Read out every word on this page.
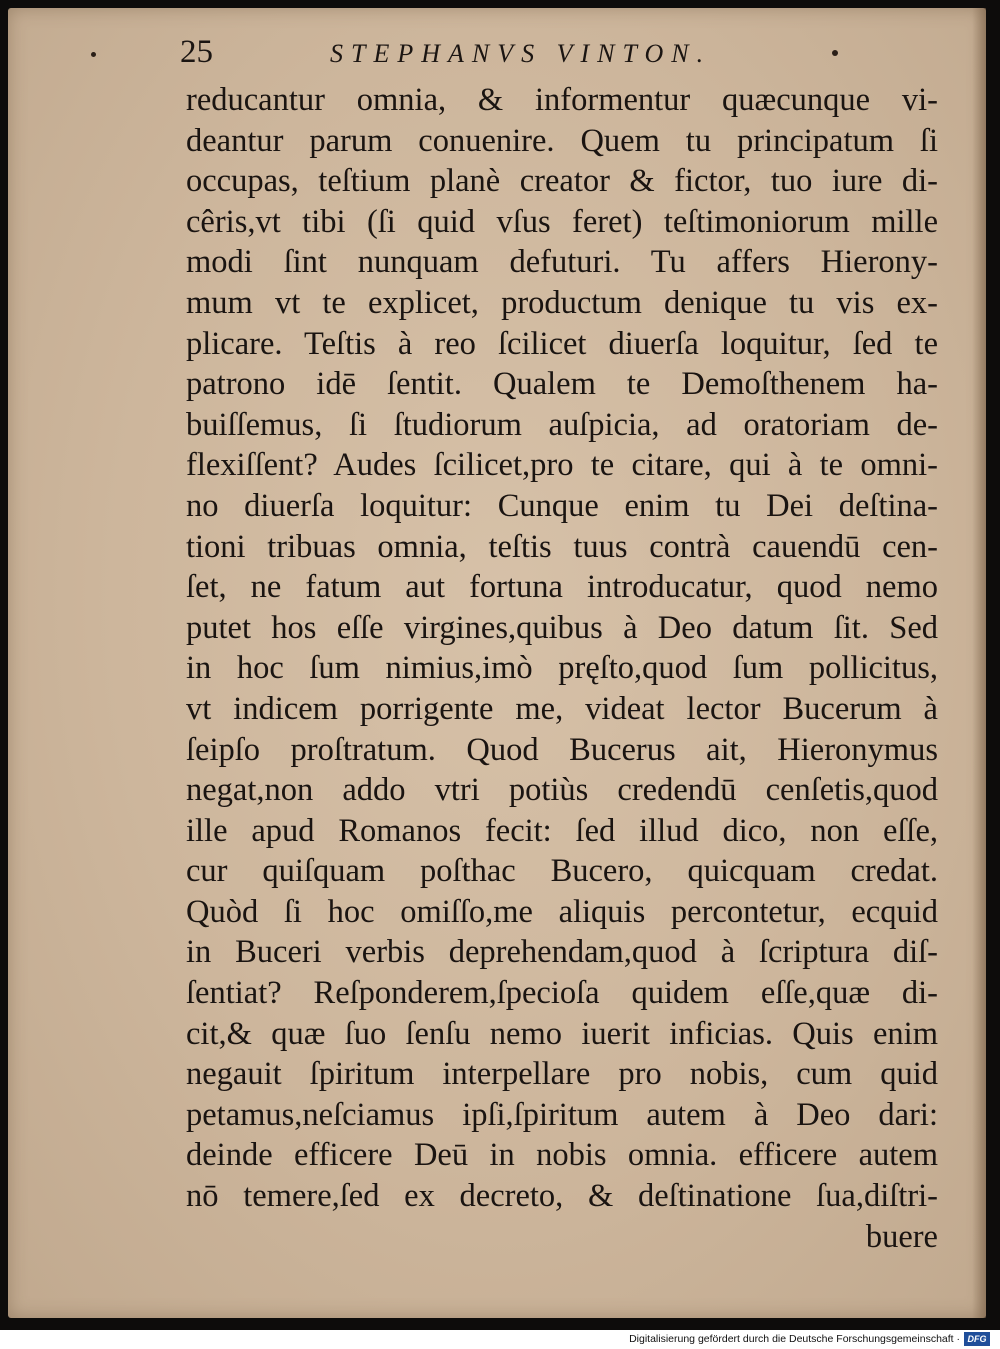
25	STEPHANVS VINTON.
reducantur omnia, & informentur quæcunque vi-
deantur parum conuenire. Quem tu principatum ſi
occupas, teſtium planè creator & fictor, tuo iure di-
cêris,vt tibi (ſi quid vſus feret) teſtimoniorum mille
modi ſint nunquam defuturi. Tu affers Hierony-
mum vt te explicet, productum denique tu vis ex-
plicare. Teſtis à reo ſcilicet diuerſa loquitur, ſed te
patrono idē ſentit. Qualem te Demoſthenem ha-
buiſſemus, ſi ſtudiorum auſpicia, ad oratoriam de-
flexiſſent? Audes ſcilicet,pro te citare, qui à te omni-
no diuerſa loquitur: Cunque enim tu Dei deſtina-
tioni tribuas omnia, teſtis tuus contrà cauendū cen-
ſet, ne fatum aut fortuna introducatur, quod nemo
putet hos eſſe virgines,quibus à Deo datum ſit. Sed
in hoc ſum nimius,imò pręſto,quod ſum pollicitus,
vt indicem porrigente me, videat lector Bucerum à
ſeipſo proſtratum. Quod Bucerus ait, Hieronymus
negat,non addo vtri potiùs credendū cenſetis,quod
ille apud Romanos fecit: ſed illud dico, non eſſe,
cur quiſquam poſthac Bucero, quicquam credat.
Quòd ſi hoc omiſſo,me aliquis percontetur, ecquid
in Buceri verbis deprehendam,quod à ſcriptura diſ-
ſentiat? Reſponderem,ſpecioſa quidem eſſe,quæ di-
cit,& quæ ſuo ſenſu nemo iuerit inficias. Quis enim
negauit ſpiritum interpellare pro nobis, cum quid
petamus,neſciamus ipſi,ſpiritum autem à Deo dari:
deinde efficere Deū in nobis omnia. efficere autem
nō temere,ſed ex decreto, & deſtinatione ſua,diſtri-
buere
Digitalisierung gefördert durch die Deutsche Forschungsgemeinschaft · DFG
